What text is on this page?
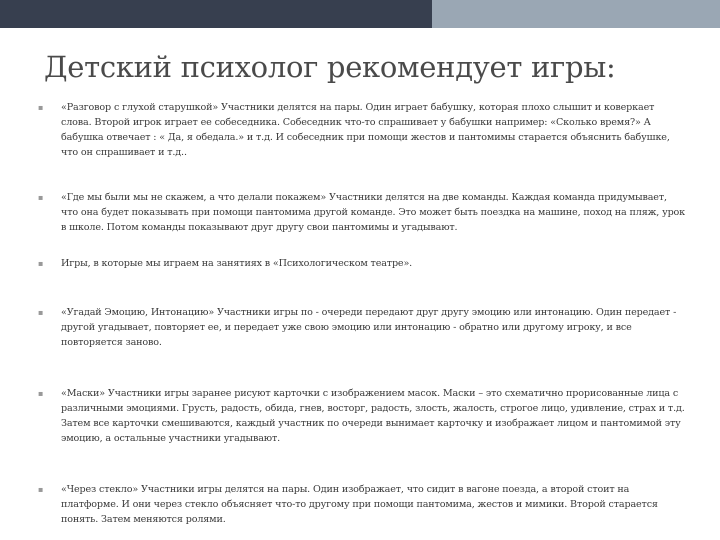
Детский психолог рекомендует игры:
▪ «Разговор с глухой старушкой» Участники делятся на пары. Один играет бабушку, которая плохо слышит и коверкает слова. Второй игрок играет ее собеседника. Собеседник что-то спрашивает у бабушки например: «Сколько время?» А бабушка отвечает : « Да, я обедала.» и т.д. И собеседник при помощи жестов и пантомимы старается объяснить бабушке, что он спрашивает и т.д..
▪ «Где мы были мы не скажем, а что делали покажем» Участники делятся на две команды. Каждая команда придумывает, что она будет показывать при помощи пантомима другой команде. Это может быть поездка на машине, поход на пляж, урок в школе. Потом команды показывают друг другу свои пантомимы и угадывают.
▪ Игры, в которые мы играем на занятиях в «Психологическом театре».
▪ «Угадай Эмоцию, Интонацию» Участники игры по - очереди передают друг другу эмоцию или интонацию. Один передает - другой угадывает, повторяет ее, и передает уже свою эмоцию или интонацию - обратно или другому игроку, и все повторяется заново.
▪ «Маски» Участники игры заранее рисуют карточки с изображением масок. Маски – это схематично прорисованные лица с различными эмоциями. Грусть, радость, обида, гнев, восторг, радость, злость, жалость, строгое лицо, удивление, страх и т.д. Затем все карточки смешиваются, каждый участник по очереди вынимает карточку и изображает лицом и пантомимой эту эмоцию, а остальные участники угадывают.
▪ «Через стекло» Участники игры делятся на пары. Один изображает, что сидит в вагоне поезда, а второй стоит на платформе. И они через стекло объясняет что-то другому при помощи пантомима, жестов и мимики. Второй старается понять. Затем меняются ролями.
